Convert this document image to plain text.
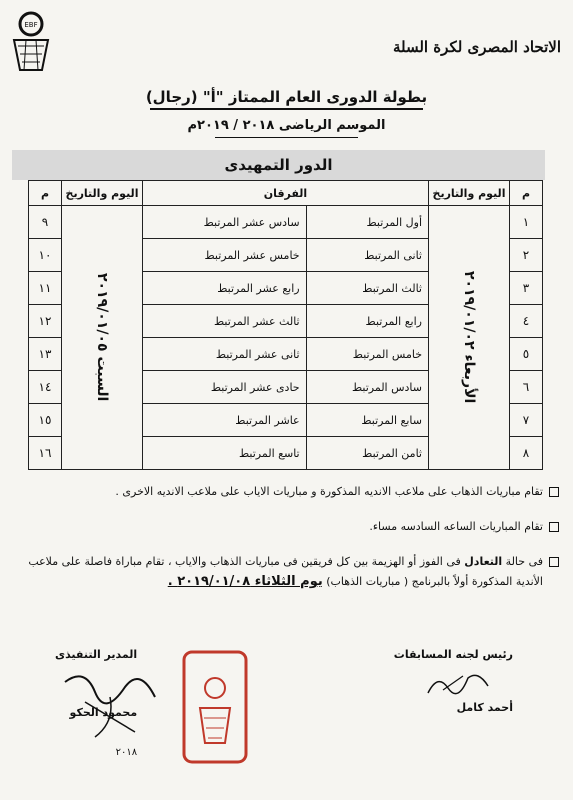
EBF
الاتحاد المصرى لكرة السلة
بطولة الدورى العام الممتاز "أ" (رجال)
الموسم الرياضى ٢٠١٨ / ٢٠١٩م
الدور التمهيدى
م	اليوم والتاريخ	الفرقان		اليوم والتاريخ	م
١	الأربعاء ٢٠١٩/٠١/٠٢	أول المرتبط	سادس عشر المرتبط	السبت ٢٠١٩/٠١/٠٥	٩
٢		ثانى المرتبط	خامس عشر المرتبط		١٠
٣		ثالث المرتبط	رابع عشر المرتبط		١١
٤		رابع المرتبط	ثالث عشر المرتبط		١٢
٥		خامس المرتبط	ثانى عشر المرتبط		١٣
٦		سادس المرتبط	حادى عشر المرتبط		١٤
٧		سابع المرتبط	عاشر المرتبط		١٥
٨		ثامن المرتبط	تاسع المرتبط		١٦
تقام مباريات الذهاب على ملاعب الانديه المذكورة و مباريات الاياب على ملاعب الانديه الاخرى .
تقام المباريات الساعه السادسه مساء.
فى حالة التعادل فى الفوز أو الهزيمة بين كل فريقين فى مباريات الذهاب والاياب ، تقام مباراة فاصلة على ملاعب الأندية المذكورة أولاً بالبرنامج ( مباريات الذهاب) يوم الثلاثاء ٢٠١٩/٠١/٠٨ .
رئيس لجنه المسابقات
أحمد كامل
المدير التنفيذى
محمود الحكو
٢٠١٨
